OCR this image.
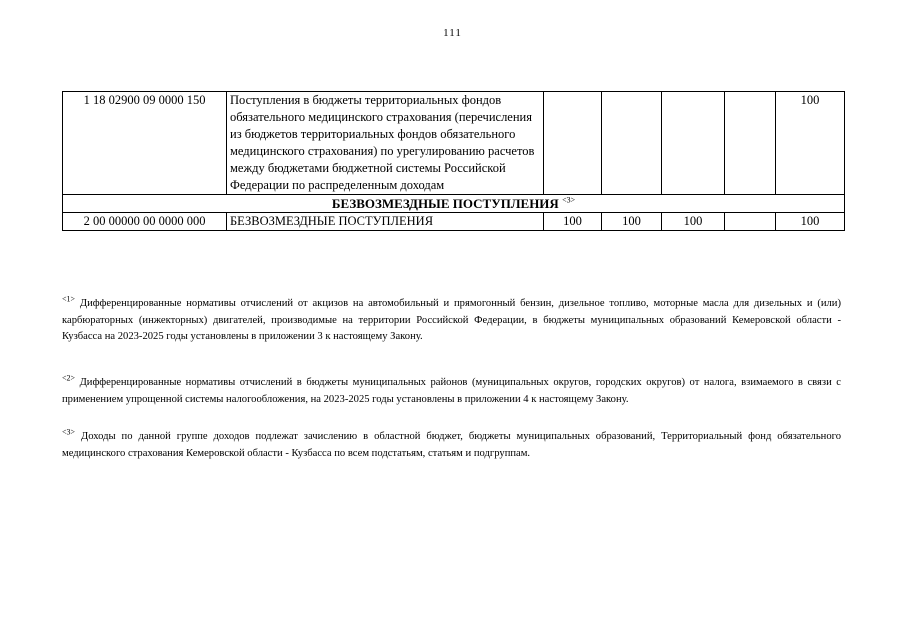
111
1 18 02900 09 0000 150	Поступления в бюджеты территориальных фондов обязательного медицинского страхования (перечисления из бюджетов территориальных фондов обязательного медицинского страхования) по урегулированию расчетов между бюджетами бюджетной системы Российской Федерации по распределенным доходам					100
БЕЗВОЗМЕЗДНЫЕ ПОСТУПЛЕНИЯ $^{<3>}$
2 00 00000 00 0000 000	БЕЗВОЗМЕЗДНЫЕ ПОСТУПЛЕНИЯ	100	100	100		100
$^{<1>}$ Дифференцированные нормативы отчислений от акцизов на автомобильный и прямогонный бензин, дизельное топливо, моторные масла для дизельных и (или) карбюраторных (инжекторных) двигателей, производимые на территории Российской Федерации, в бюджеты муниципальных образований Кемеровской области - Кузбасса на 2023-2025 годы установлены в приложении 3 к настоящему Закону.
$^{<2>}$ Дифференцированные нормативы отчислений в бюджеты муниципальных районов (муниципальных округов, городских округов) от налога, взимаемого в связи с применением упрощенной системы налогообложения, на 2023-2025 годы установлены в приложении 4 к настоящему Закону.
$^{<3>}$ Доходы по данной группе доходов подлежат зачислению в областной бюджет, бюджеты муниципальных образований, Территориальный фонд обязательного медицинского страхования Кемеровской области - Кузбасса по всем подстатьям, статьям и подгруппам.
